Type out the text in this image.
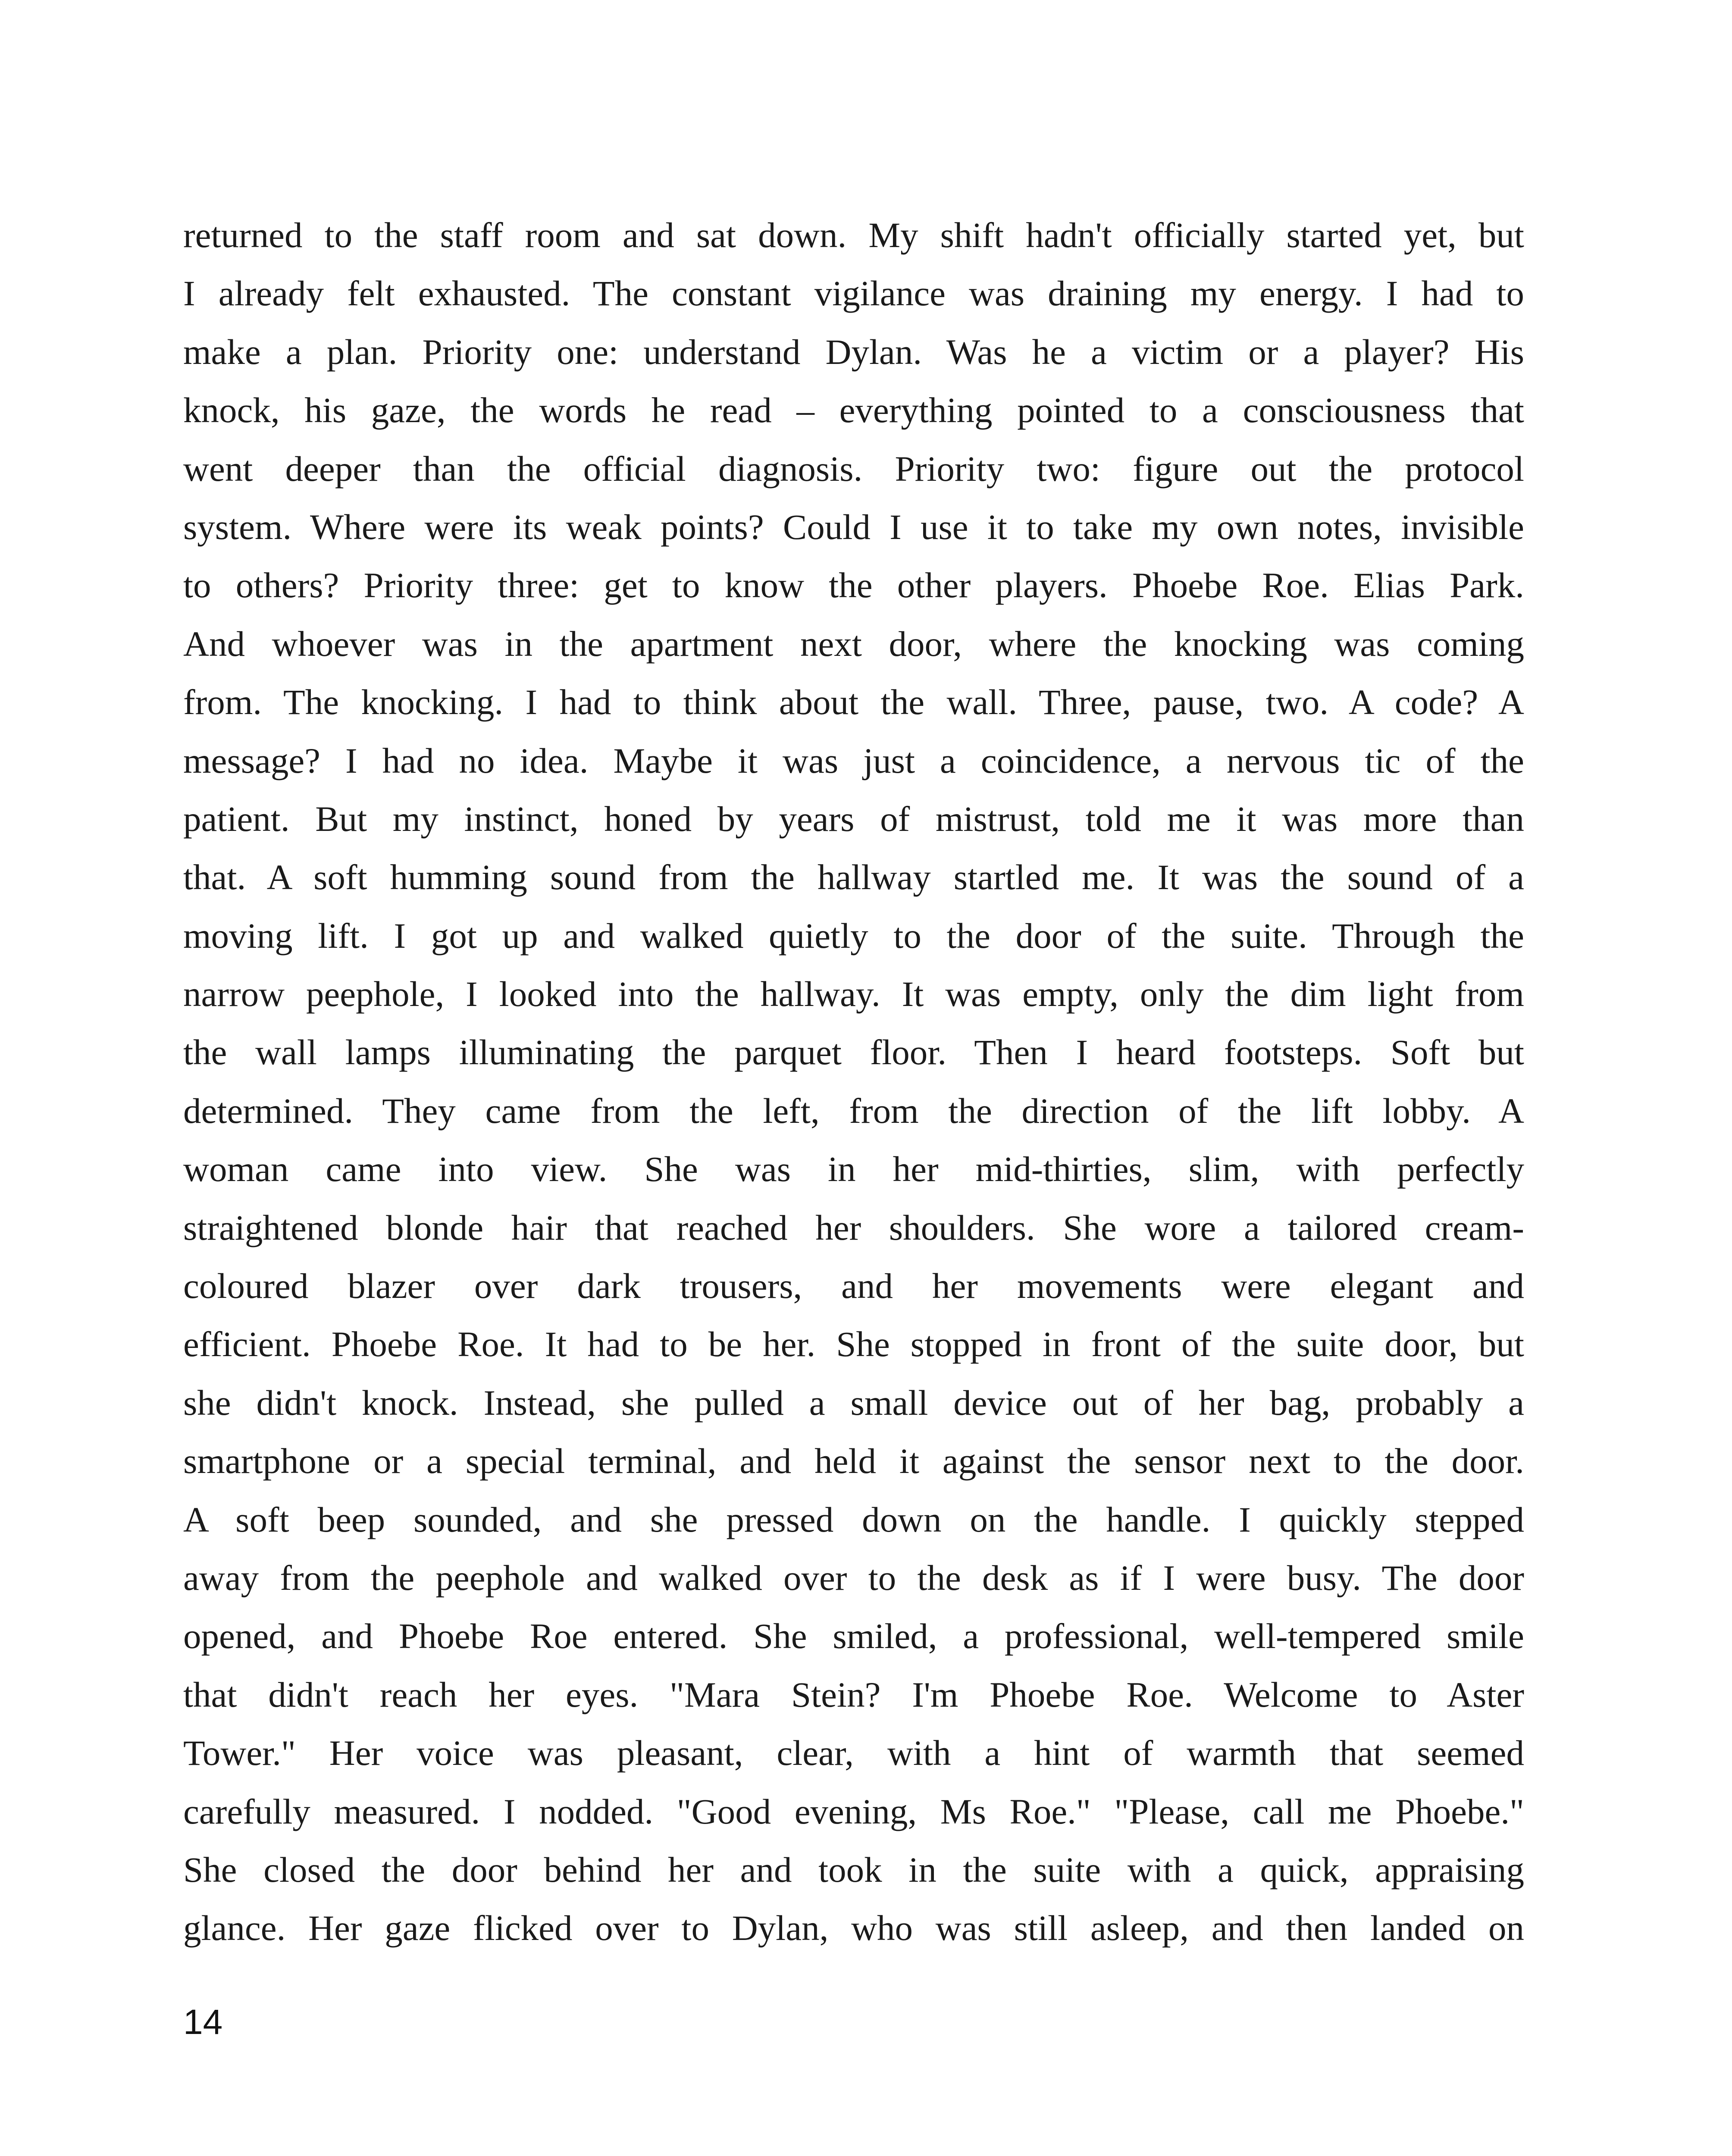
returned to the staff room and sat down. My shift hadn't officially started yet, but
I already felt exhausted. The constant vigilance was draining my energy. I had to
make a plan. Priority one: understand Dylan. Was he a victim or a player? His
knock, his gaze, the words he read – everything pointed to a consciousness that
went deeper than the official diagnosis. Priority two: figure out the protocol
system. Where were its weak points? Could I use it to take my own notes, invisible
to others? Priority three: get to know the other players. Phoebe Roe. Elias Park.
And whoever was in the apartment next door, where the knocking was coming
from. The knocking. I had to think about the wall. Three, pause, two. A code? A
message? I had no idea. Maybe it was just a coincidence, a nervous tic of the
patient. But my instinct, honed by years of mistrust, told me it was more than
that. A soft humming sound from the hallway startled me. It was the sound of a
moving lift. I got up and walked quietly to the door of the suite. Through the
narrow peephole, I looked into the hallway. It was empty, only the dim light from
the wall lamps illuminating the parquet floor. Then I heard footsteps. Soft but
determined. They came from the left, from the direction of the lift lobby. A
woman came into view. She was in her mid-thirties, slim, with perfectly
straightened blonde hair that reached her shoulders. She wore a tailored cream-
coloured blazer over dark trousers, and her movements were elegant and
efficient. Phoebe Roe. It had to be her. She stopped in front of the suite door, but
she didn't knock. Instead, she pulled a small device out of her bag, probably a
smartphone or a special terminal, and held it against the sensor next to the door.
A soft beep sounded, and she pressed down on the handle. I quickly stepped
away from the peephole and walked over to the desk as if I were busy. The door
opened, and Phoebe Roe entered. She smiled, a professional, well-tempered smile
that didn't reach her eyes. "Mara Stein? I'm Phoebe Roe. Welcome to Aster
Tower." Her voice was pleasant, clear, with a hint of warmth that seemed
carefully measured. I nodded. "Good evening, Ms Roe." "Please, call me Phoebe."
She closed the door behind her and took in the suite with a quick, appraising
glance. Her gaze flicked over to Dylan, who was still asleep, and then landed on
14
